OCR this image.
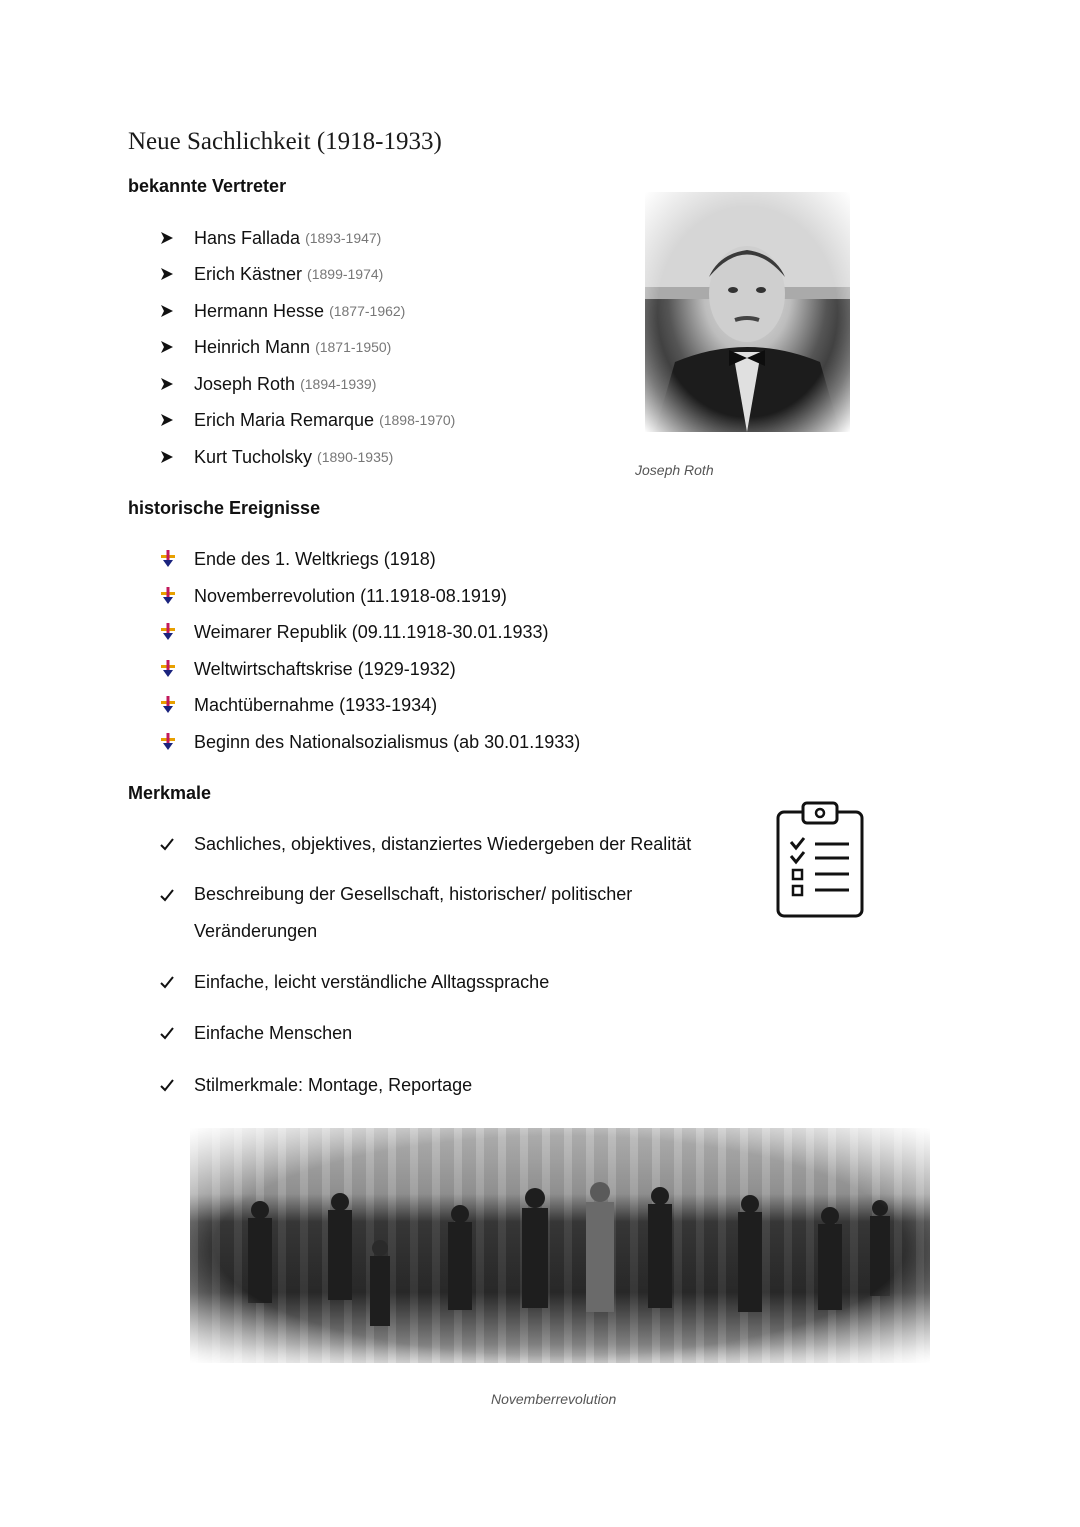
Neue Sachlichkeit (1918-1933)
bekannte Vertreter
Hans Fallada (1893-1947)
Erich Kästner (1899-1974)
Hermann Hesse (1877-1962)
Heinrich Mann (1871-1950)
Joseph Roth (1894-1939)
Erich Maria Remarque (1898-1970)
Kurt Tucholsky (1890-1935)
Joseph Roth
historische Ereignisse
Ende des 1. Weltkriegs (1918)
Novemberrevolution (11.1918-08.1919)
Weimarer Republik (09.11.1918-30.01.1933)
Weltwirtschaftskrise (1929-1932)
Machtübernahme (1933-1934)
Beginn des Nationalsozialismus (ab 30.01.1933)
Merkmale
Sachliches, objektives, distanziertes Wiedergeben der Realität
Beschreibung der Gesellschaft, historischer/ politischer Veränderungen
Einfache, leicht verständliche Alltagssprache
Einfache Menschen
Stilmerkmale: Montage, Reportage
Novemberrevolution
